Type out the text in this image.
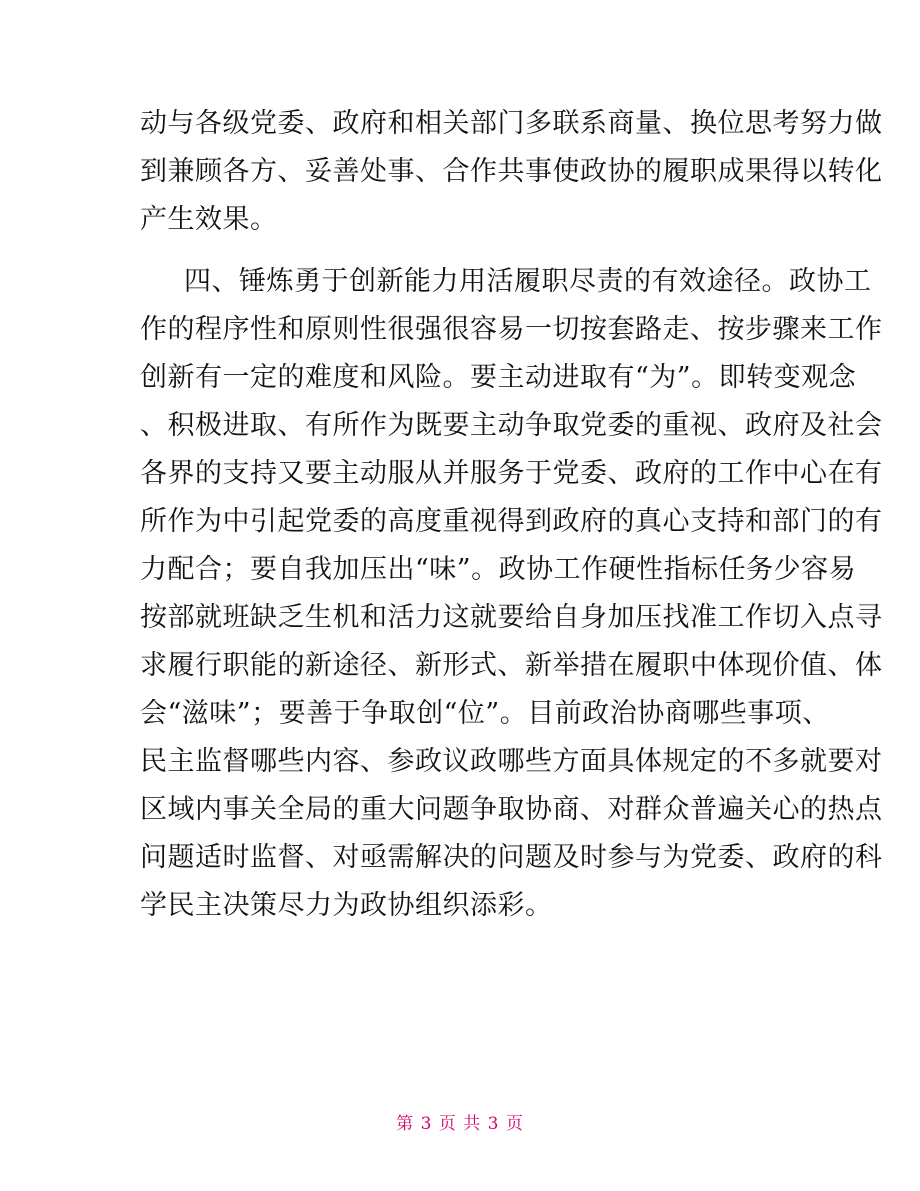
动与各级党委、政府和相关部门多联系商量、换位思考努力做
到兼顾各方、妥善处事、合作共事使政协的履职成果得以转化
产生效果。
四、锤炼勇于创新能力用活履职尽责的有效途径。政协工
作的程序性和原则性很强很容易一切按套路走、按步骤来工作
创新有一定的难度和风险。要主动进取有“为”。即转变观念
、积极进取、有所作为既要主动争取党委的重视、政府及社会
各界的支持又要主动服从并服务于党委、政府的工作中心在有
所作为中引起党委的高度重视得到政府的真心支持和部门的有
力配合；要自我加压出“味”。政协工作硬性指标任务少容易
按部就班缺乏生机和活力这就要给自身加压找准工作切入点寻
求履行职能的新途径、新形式、新举措在履职中体现价值、体
会“滋味”；要善于争取创“位”。目前政治协商哪些事项、
民主监督哪些内容、参政议政哪些方面具体规定的不多就要对
区域内事关全局的重大问题争取协商、对群众普遍关心的热点
问题适时监督、对亟需解决的问题及时参与为党委、政府的科
学民主决策尽力为政协组织添彩。
第 3 页 共 3 页
